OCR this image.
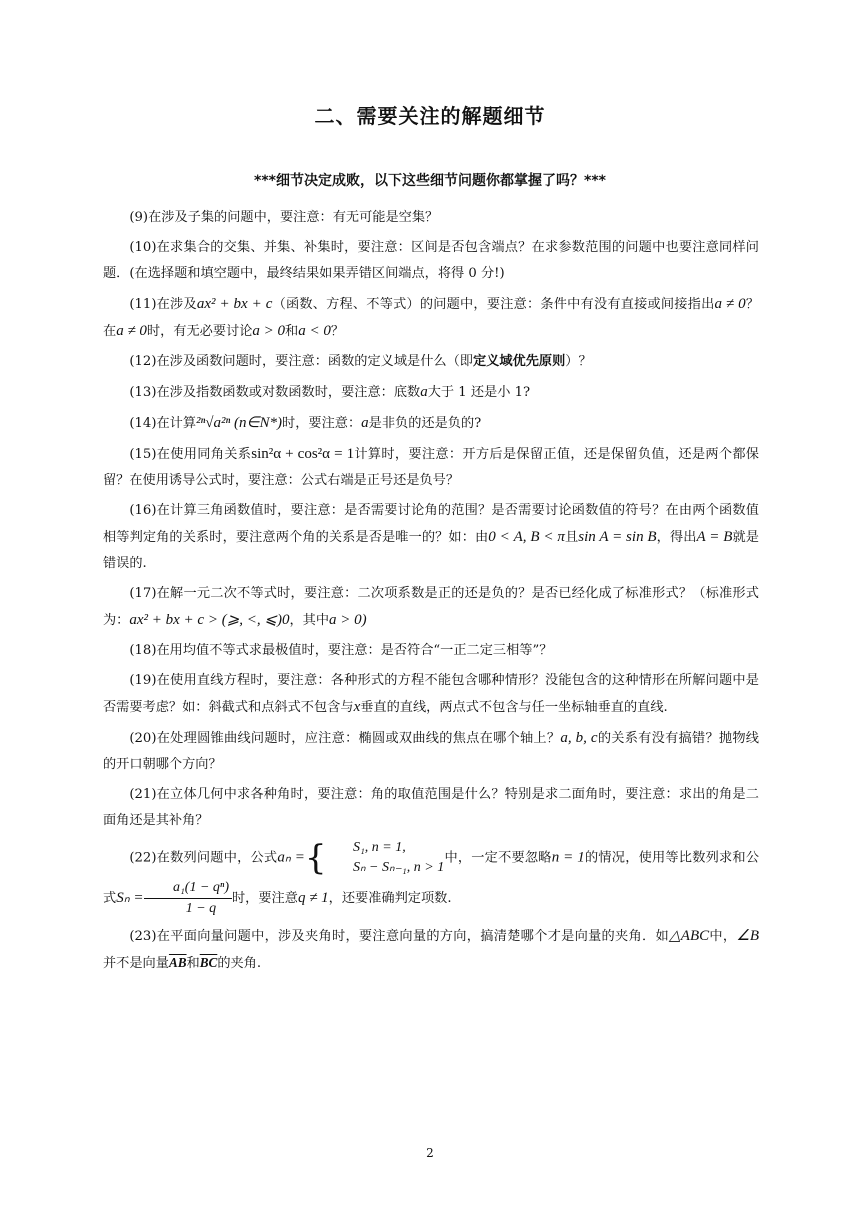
二、需要关注的解题细节
***细节决定成败，以下这些细节问题你都掌握了吗？***

(9)在涉及子集的问题中，要注意：有无可能是空集？

(10)在求集合的交集、并集、补集时，要注意：区间是否包含端点？在求参数范围的问题中也要注意同样问题．(在选择题和填空题中，最终结果如果弄错区间端点，将得 0 分!)

(11)在涉及ax² + bx + c（函数、方程、不等式）的问题中，要注意：条件中有没有直接或间接指出a ≠ 0？在a ≠ 0时，有无必要讨论a > 0和a < 0？

(12)在涉及函数问题时，要注意：函数的定义域是什么（即定义域优先原则）？

(13)在涉及指数函数或对数函数时，要注意：底数a大于 1 还是小 1?

(14)在计算²ⁿ√a²ⁿ (n∈N*)时，要注意：a是非负的还是负的?

(15)在使用同角关系sin²α + cos²α = 1计算时，要注意：开方后是保留正值，还是保留负值，还是两个都保留？在使用诱导公式时，要注意：公式右端是正号还是负号？

(16)在计算三角函数值时，要注意：是否需要讨论角的范围？是否需要讨论函数值的符号？在由两个函数值相等判定角的关系时，要注意两个角的关系是否是唯一的？如：由0 < A, B < π且sin A = sin B，得出A = B就是错误的.

(17)在解一元二次不等式时，要注意：二次项系数是正的还是负的？是否已经化成了标准形式？（标准形式为：ax² + bx + c > (⩾, <, ⩽)0，其中a > 0)

(18)在用均值不等式求最极值时，要注意：是否符合“一正二定三相等”？

(19)在使用直线方程时，要注意：各种形式的方程不能包含哪种情形？没能包含的这种情形在所解问题中是否需要考虑？如：斜截式和点斜式不包含与x垂直的直线，两点式不包含与任一坐标轴垂直的直线.

(20)在处理圆锥曲线问题时，应注意：椭圆或双曲线的焦点在哪个轴上？a, b, c的关系有没有搞错？抛物线的开口朝哪个方向？

(21)在立体几何中求各种角时，要注意：角的取值范围是什么？特别是求二面角时，要注意：求出的角是二面角还是其补角？

(22)在数列问题中，公式aₙ ={	S₁, n = 1,
Sₙ − Sₙ₋₁, n > 1
中，一定不要忽略n = 1的情况，使用等比数列求和公式$S_n = \frac{\text{a₁(1 − qⁿ)}}{1 - q}$ 时，要注意q ≠ 1，还要准确判定项数.

(23)在平面向量问题中，涉及夹角时，要注意向量的方向，搞清楚哪个才是向量的夹角．如△ABC中，∠B并不是向量$\overline{AB}$和$\overline{BC}$的夹角.

2
